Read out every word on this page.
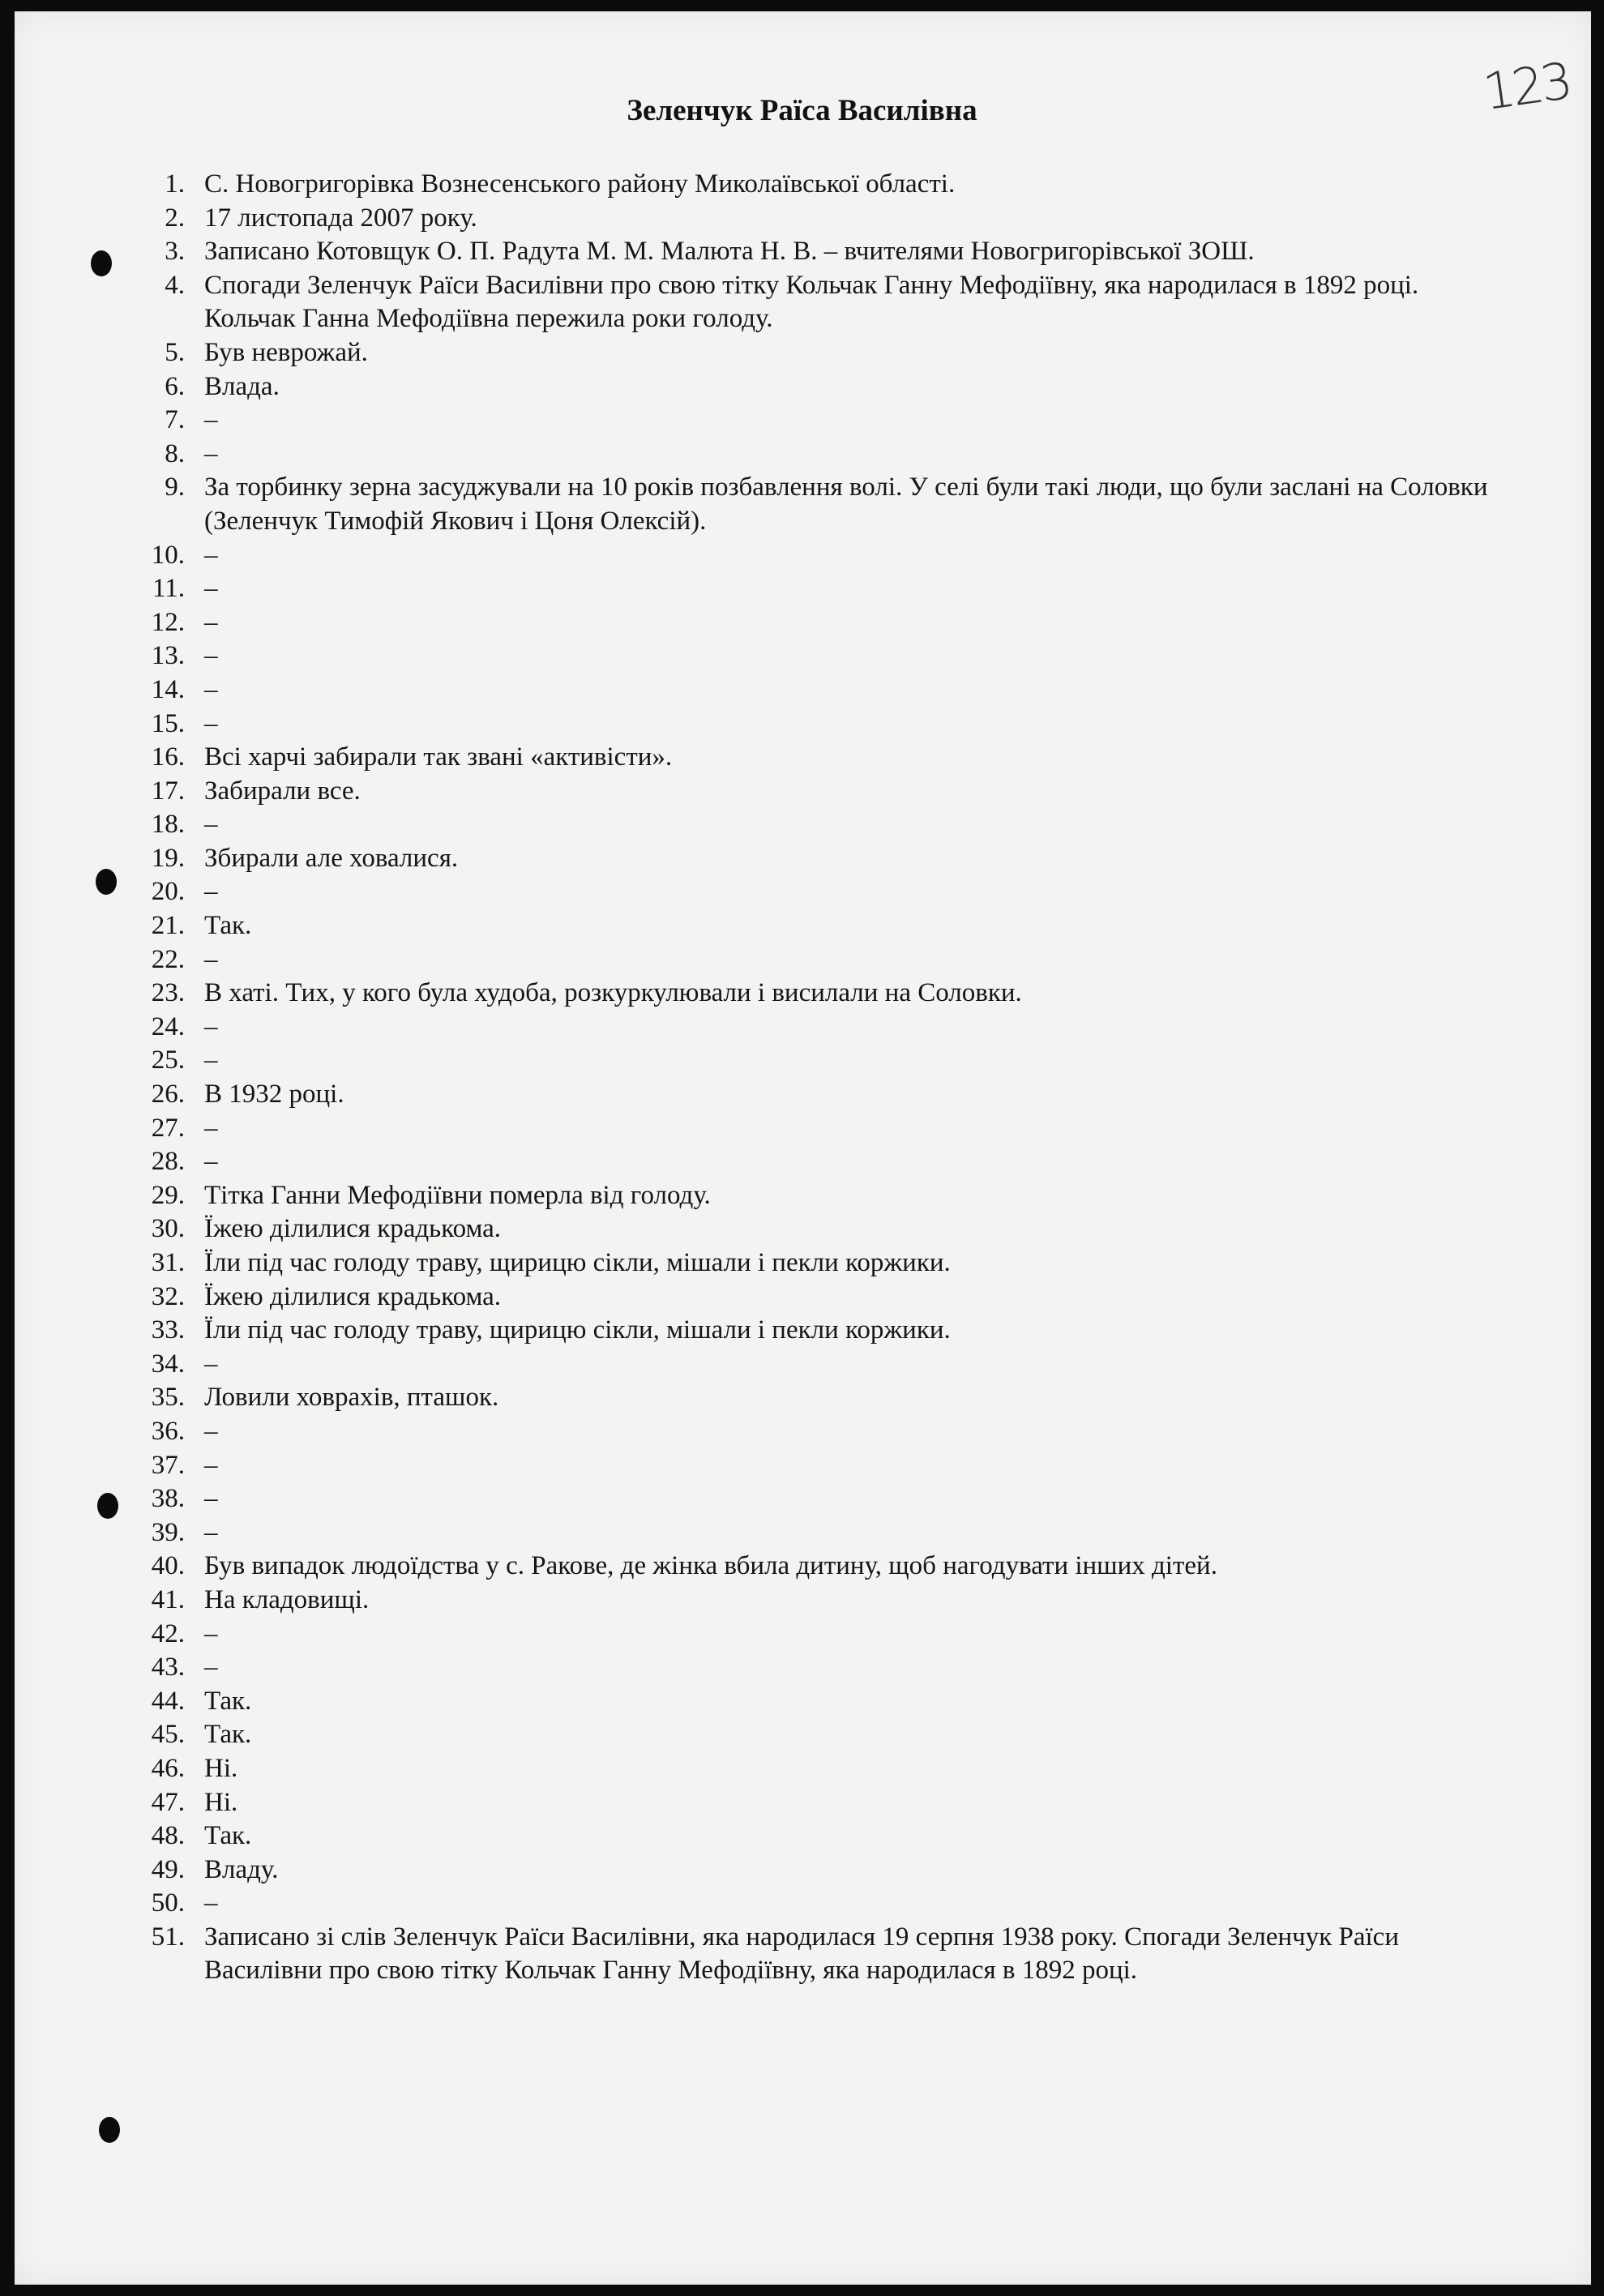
123
Зеленчук Раїса Василівна
1. С. Новогригорівка Вознесенського району Миколаївської області.
2. 17 листопада 2007 року.
3. Записано Котовщук О. П. Радута М. М. Малюта Н. В. – вчителями Новогригорівської ЗОШ.
4. Спогади Зеленчук Раїси Василівни про свою тітку Кольчак Ганну Мефодіївну, яка народилася в 1892 році. Кольчак Ганна Мефодіївна пережила роки голоду.
5. Був неврожай.
6. Влада.
7. –
8. –
9. За торбинку зерна засуджували на 10 років позбавлення волі. У селі були такі люди, що були заслані на Соловки (Зеленчук Тимофій Якович і Цоня Олексій).
10. –
11. –
12. –
13. –
14. –
15. –
16. Всі харчі забирали так звані «активісти».
17. Забирали все.
18. –
19. Збирали але ховалися.
20. –
21. Так.
22. –
23. В хаті. Тих, у кого була худоба, розкуркулювали і висилали на Соловки.
24. –
25. –
26. В 1932 році.
27. –
28. –
29. Тітка Ганни Мефодіївни померла від голоду.
30. Їжею ділилися крадькома.
31. Їли під час голоду траву, щирицю сікли, мішали і пекли коржики.
32. Їжею ділилися крадькома.
33. Їли під час голоду траву, щирицю сікли, мішали і пекли коржики.
34. –
35. Ловили ховрахів, пташок.
36. –
37. –
38. –
39. –
40. Був випадок людоїдства у с. Ракове, де жінка вбила дитину, щоб нагодувати інших дітей.
41. На кладовищі.
42. –
43. –
44. Так.
45. Так.
46. Ні.
47. Ні.
48. Так.
49. Владу.
50. –
51. Записано зі слів Зеленчук Раїси Василівни, яка народилася 19 серпня 1938 року. Спогади Зеленчук Раїси Василівни про свою тітку Кольчак Ганну Мефодіївну, яка народилася в 1892 році.
